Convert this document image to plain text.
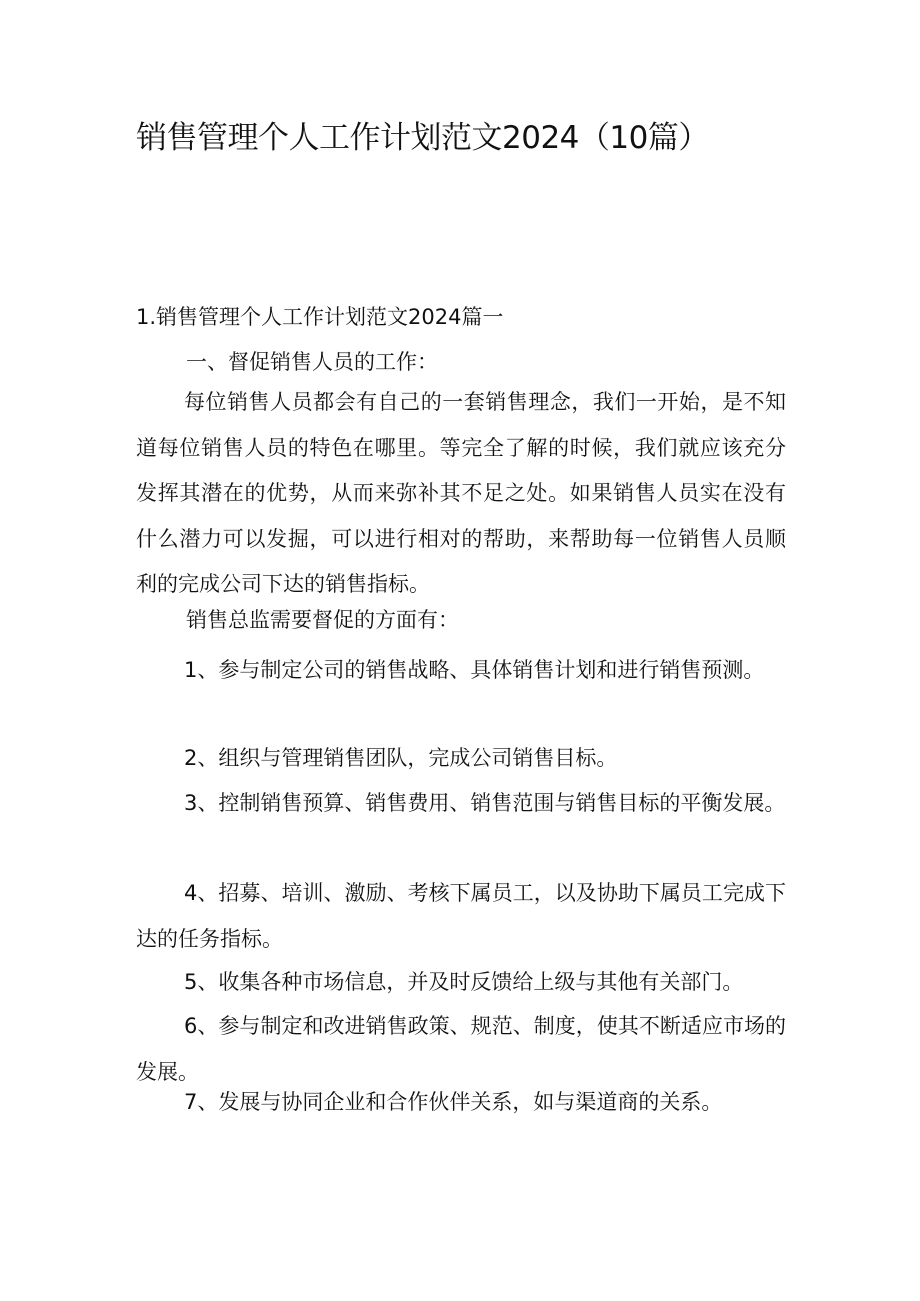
销售管理个人工作计划范文2024（10篇）

1.销售管理个人工作计划范文2024篇一

一、督促销售人员的工作：

每位销售人员都会有自己的一套销售理念，我们一开始，是不知道每位销售人员的特色在哪里。等完全了解的时候，我们就应该充分发挥其潜在的优势，从而来弥补其不足之处。如果销售人员实在没有什么潜力可以发掘，可以进行相对的帮助，来帮助每一位销售人员顺利的完成公司下达的销售指标。

销售总监需要督促的方面有：

1、参与制定公司的销售战略、具体销售计划和进行销售预测。

2、组织与管理销售团队，完成公司销售目标。

3、控制销售预算、销售费用、销售范围与销售目标的平衡发展。

4、招募、培训、激励、考核下属员工，以及协助下属员工完成下达的任务指标。

5、收集各种市场信息，并及时反馈给上级与其他有关部门。

6、参与制定和改进销售政策、规范、制度，使其不断适应市场的发展。

7、发展与协同企业和合作伙伴关系，如与渠道商的关系。
